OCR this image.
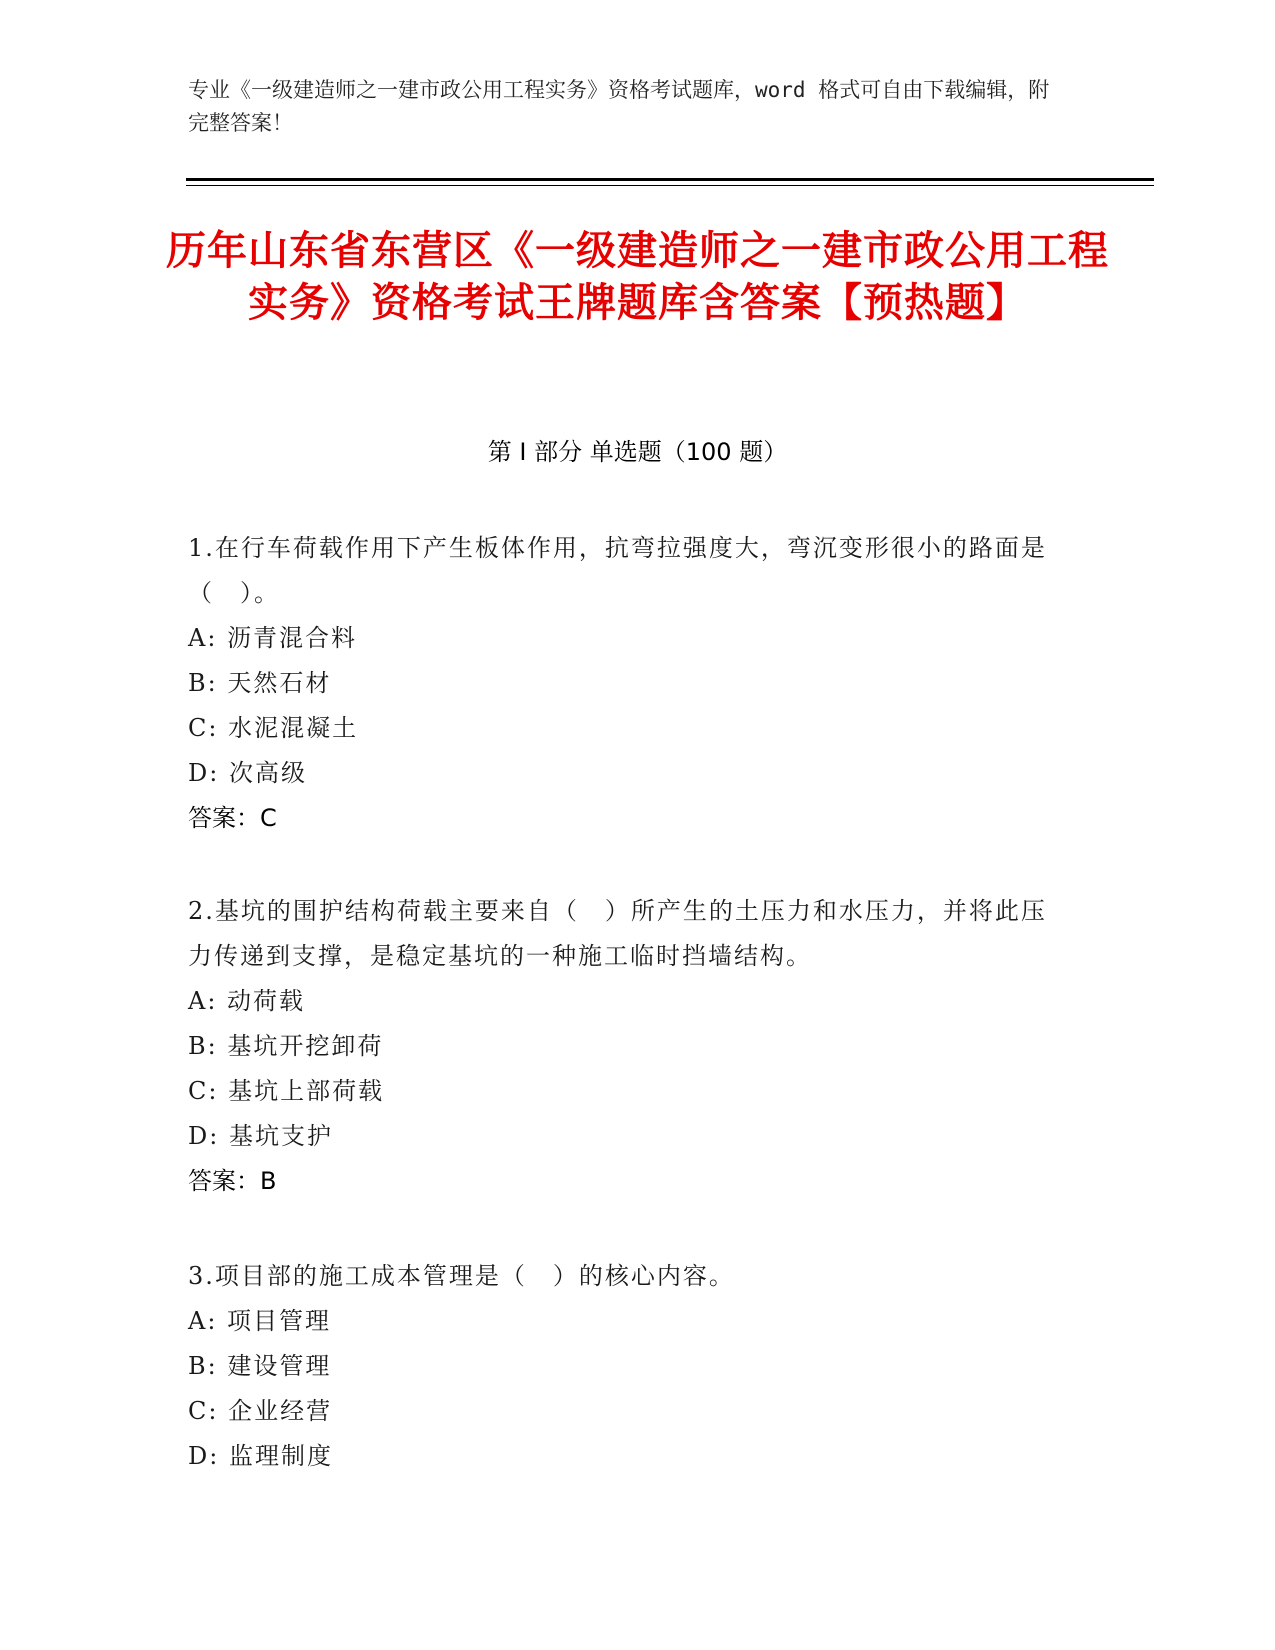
专业《一级建造师之一建市政公用工程实务》资格考试题库，word 格式可自由下载编辑，附完整答案！
历年山东省东营区《一级建造师之一建市政公用工程实务》资格考试王牌题库含答案【预热题】
第 I 部分 单选题（100 题）
1.在行车荷载作用下产生板体作用，抗弯拉强度大，弯沉变形很小的路面是（　）。
A: 沥青混合料
B: 天然石材
C: 水泥混凝土
D: 次高级
答案：C
2.基坑的围护结构荷载主要来自（　）所产生的土压力和水压力，并将此压力传递到支撑，是稳定基坑的一种施工临时挡墙结构。
A: 动荷载
B: 基坑开挖卸荷
C: 基坑上部荷载
D: 基坑支护
答案：B
3.项目部的施工成本管理是（　）的核心内容。
A: 项目管理
B: 建设管理
C: 企业经营
D: 监理制度
